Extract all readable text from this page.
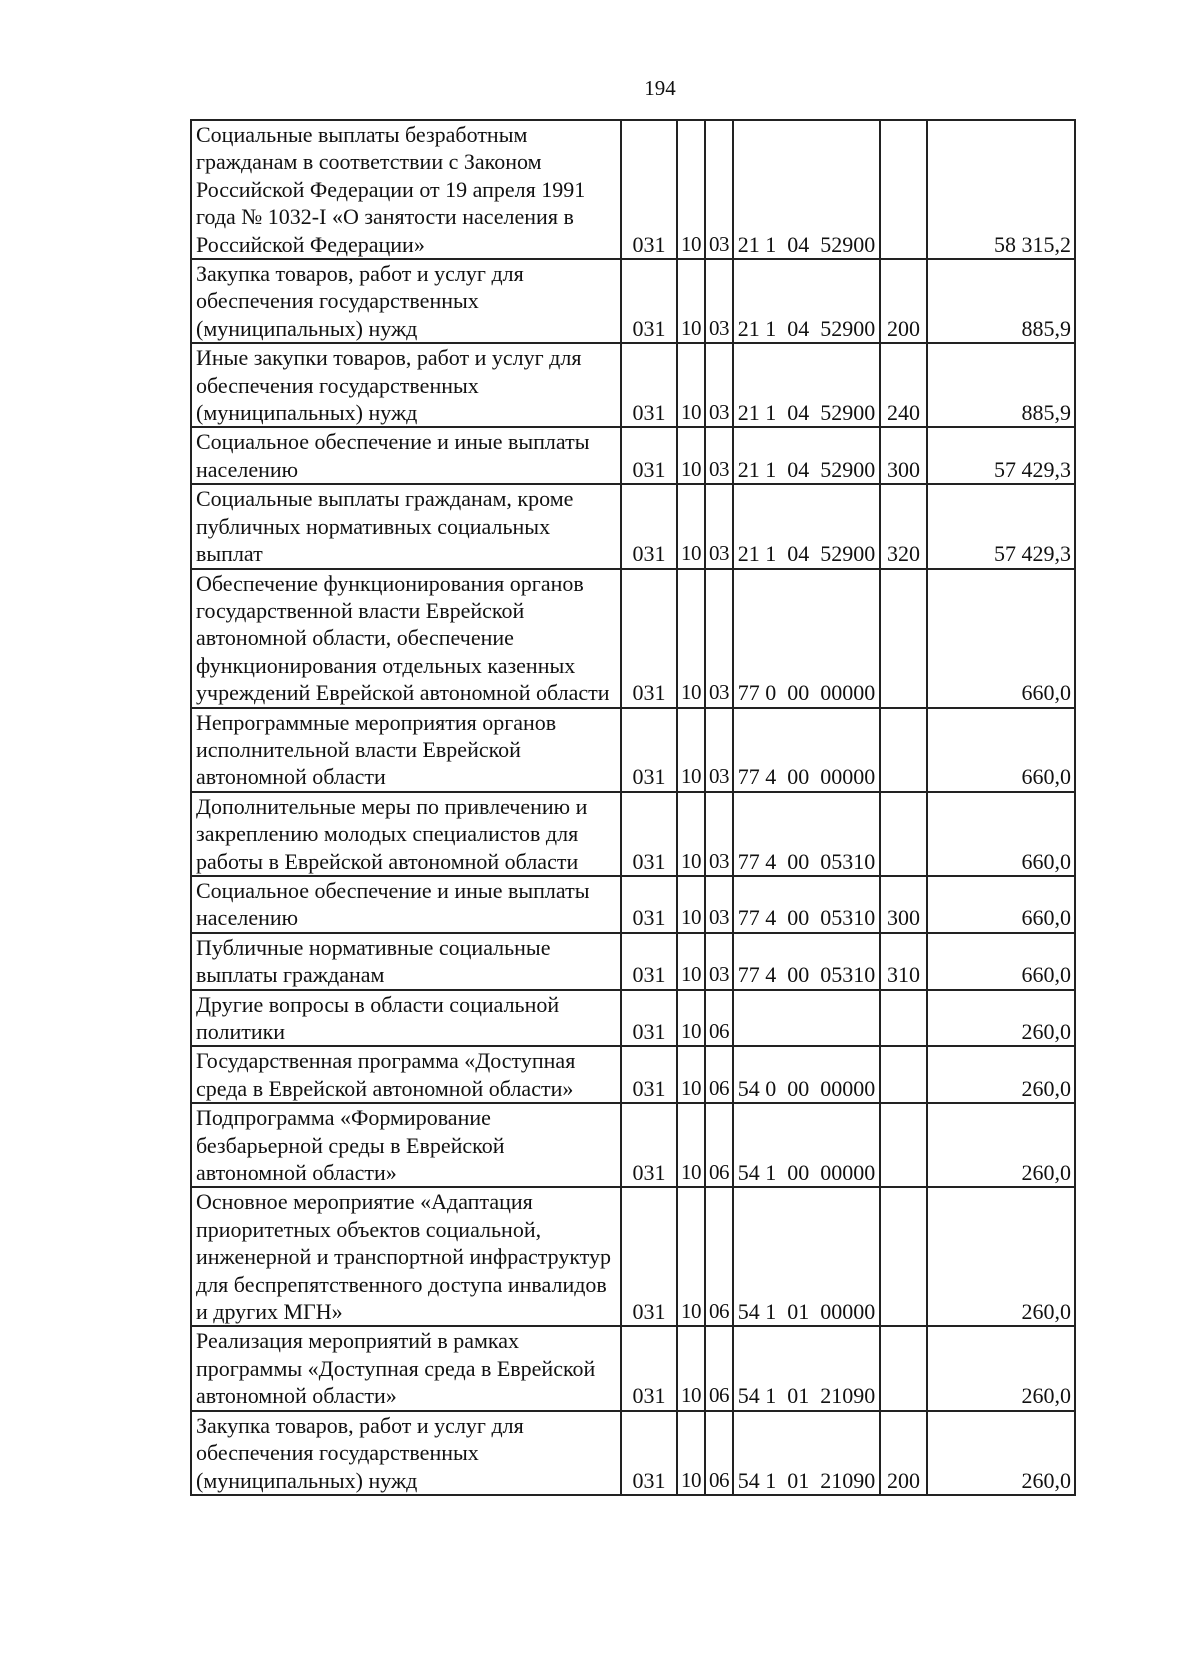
194
Социальные выплаты безработным гражданам в соответствии с Законом Российской Федерации от 19 апреля 1991 года № 1032-I «О занятости населения в Российской Федерации»	031	10	03	21 1  04  52900		58 315,2
Закупка товаров, работ и услуг для обеспечения государственных (муниципальных) нужд	031	10	03	21 1  04  52900	200	885,9
Иные закупки товаров, работ и услуг для обеспечения государственных (муниципальных) нужд	031	10	03	21 1  04  52900	240	885,9
Социальное обеспечение и иные выплаты населению	031	10	03	21 1  04  52900	300	57 429,3
Социальные выплаты гражданам, кроме публичных нормативных социальных выплат	031	10	03	21 1  04  52900	320	57 429,3
Обеспечение функционирования органов государственной власти Еврейской автономной области, обеспечение функционирования отдельных казенных учреждений Еврейской автономной области	031	10	03	77 0  00  00000		660,0
Непрограммные мероприятия органов исполнительной власти Еврейской автономной области	031	10	03	77 4  00  00000		660,0
Дополнительные меры по привлечению и закреплению молодых специалистов для работы в Еврейской автономной области	031	10	03	77 4  00  05310		660,0
Социальное обеспечение и иные выплаты населению	031	10	03	77 4  00  05310	300	660,0
Публичные нормативные социальные выплаты гражданам	031	10	03	77 4  00  05310	310	660,0
Другие вопросы в области социальной политики	031	10	06			260,0
Государственная программа «Доступная среда в Еврейской автономной области»	031	10	06	54 0  00  00000		260,0
Подпрограмма «Формирование безбарьерной среды в Еврейской автономной области»	031	10	06	54 1  00  00000		260,0
Основное мероприятие «Адаптация приоритетных объектов социальной, инженерной и транспортной инфраструктур для беспрепятственного доступа инвалидов и других МГН»	031	10	06	54 1  01  00000		260,0
Реализация мероприятий в рамках программы «Доступная среда в Еврейской автономной области»	031	10	06	54 1  01  21090		260,0
Закупка товаров, работ и услуг для обеспечения государственных (муниципальных) нужд	031	10	06	54 1  01  21090	200	260,0
